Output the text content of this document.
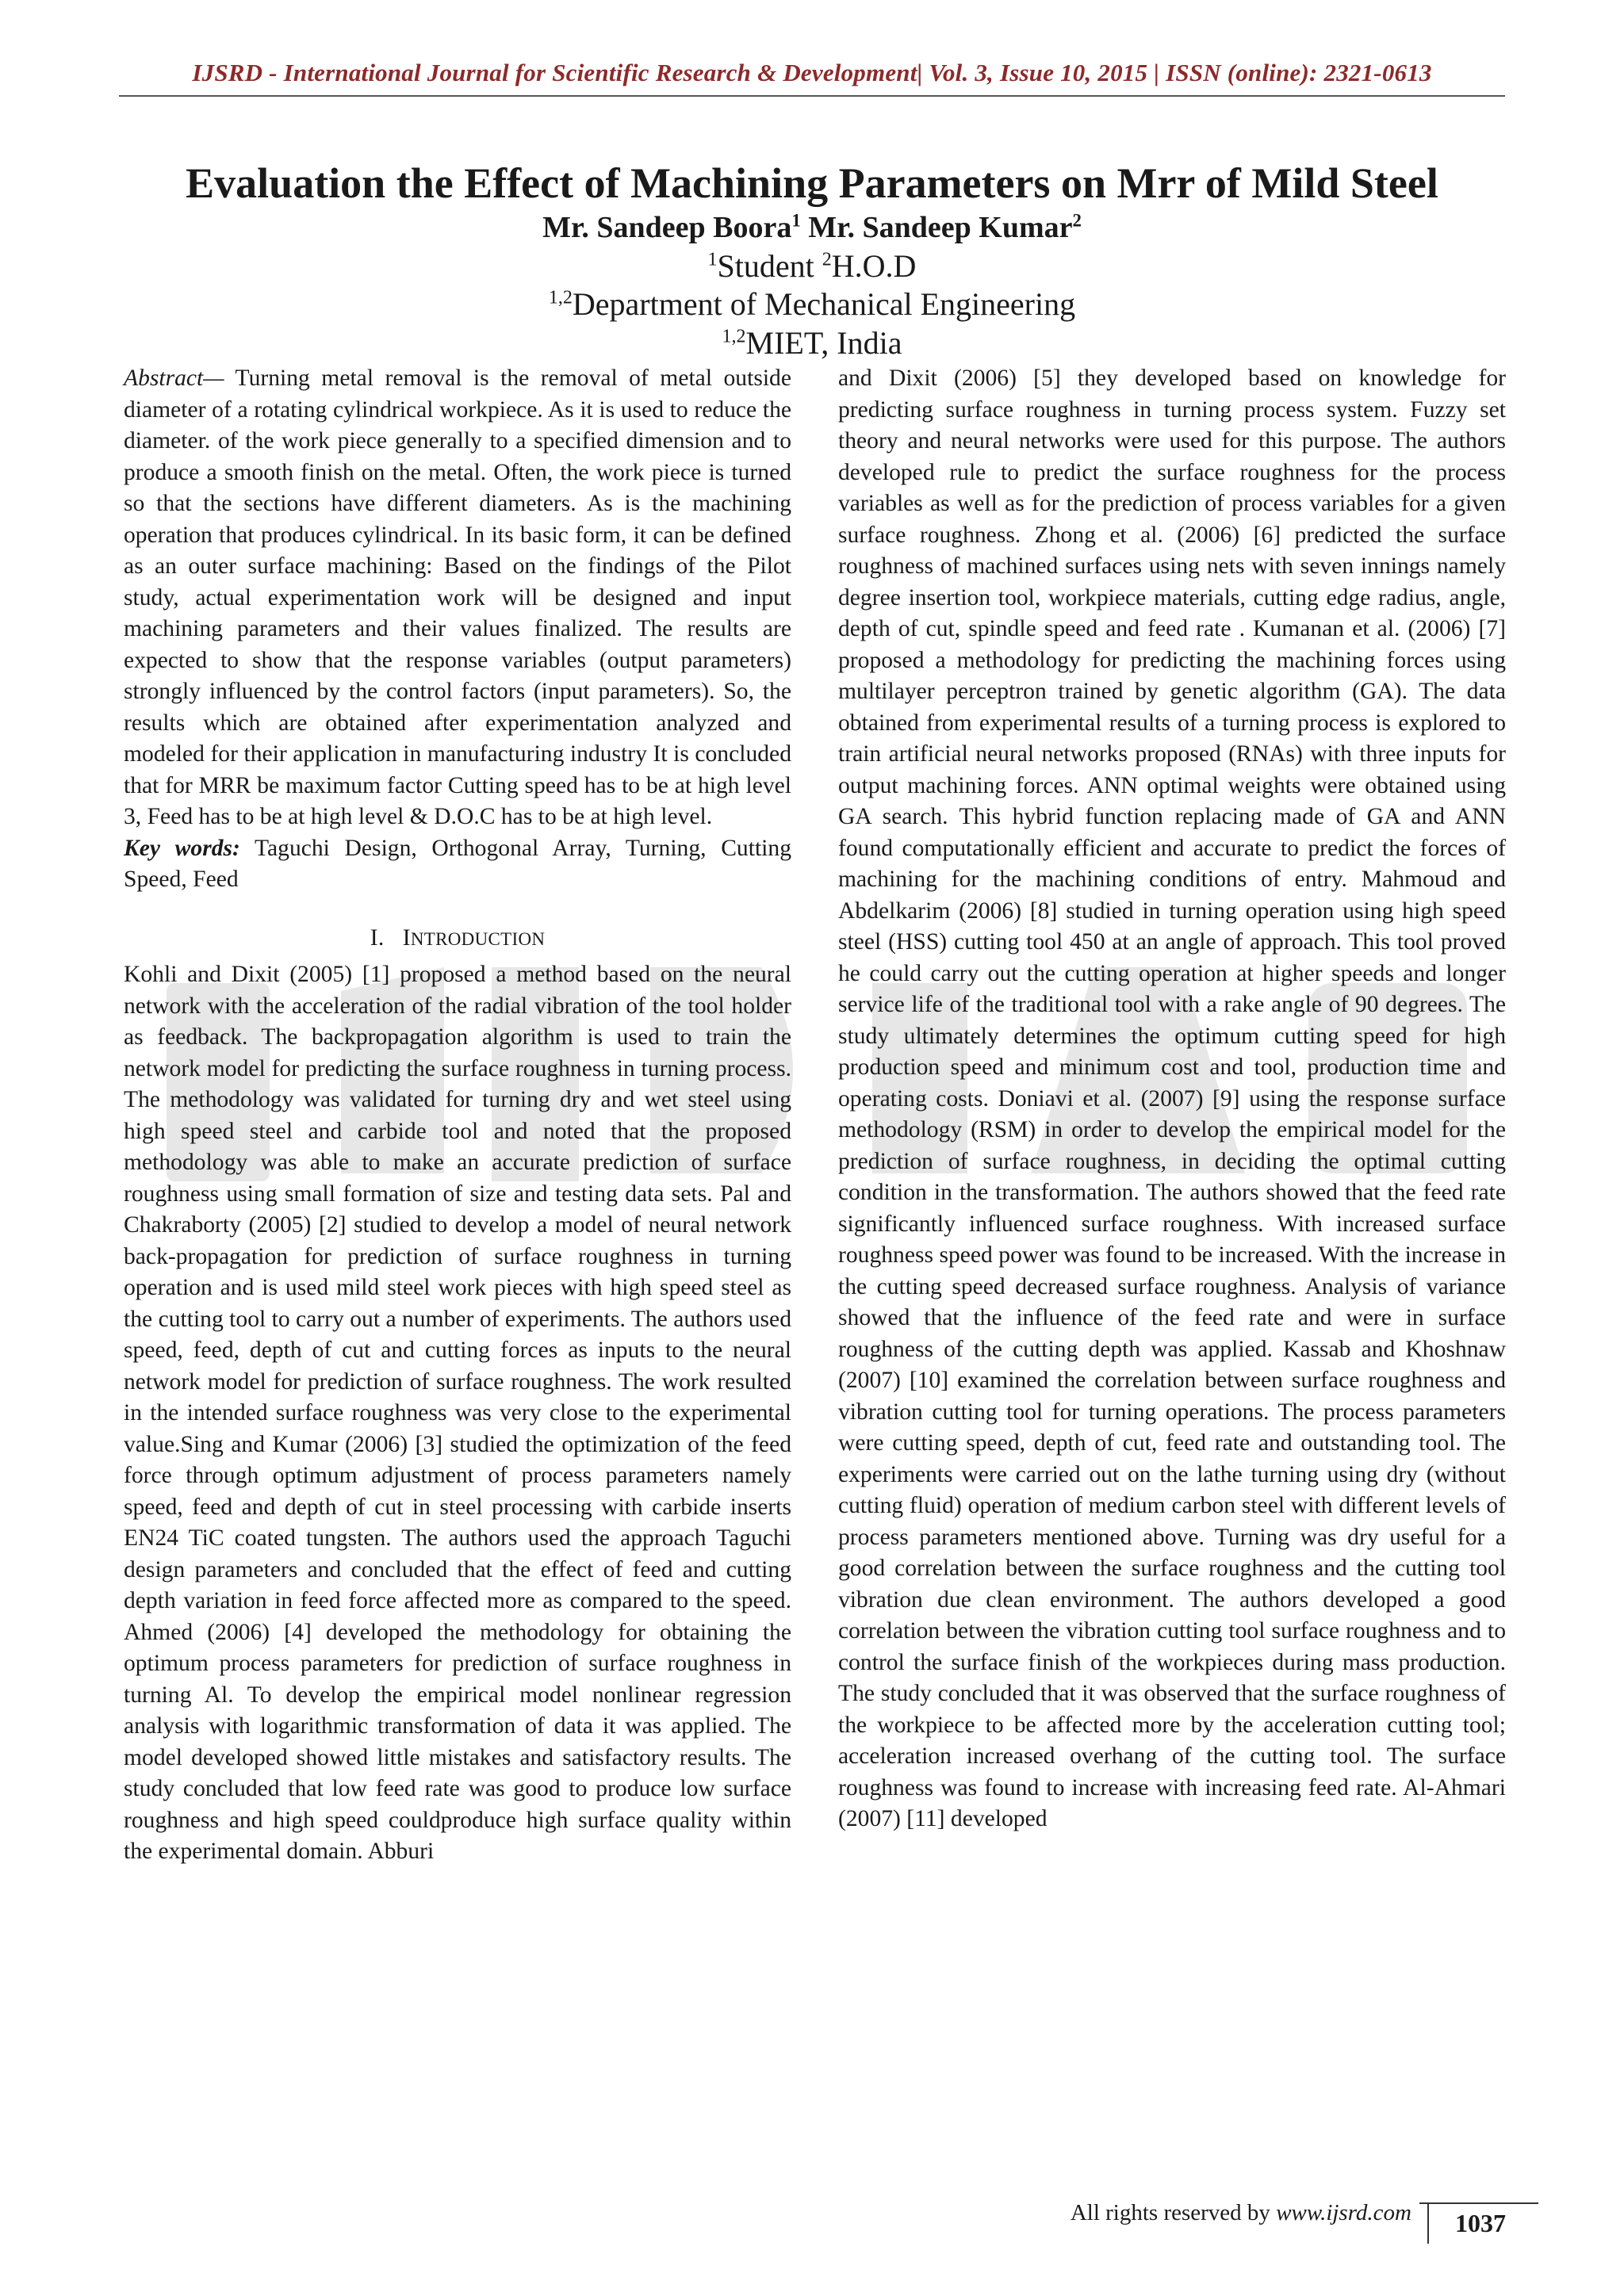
IJSRD - International Journal for Scientific Research & Development| Vol. 3, Issue 10, 2015 | ISSN (online): 2321-0613
Evaluation the Effect of Machining Parameters on Mrr of Mild Steel
Mr. Sandeep Boora$^1$ Mr. Sandeep Kumar$^2$
$^1$Student $^2$H.O.D
$^{1,2}$Department of Mechanical Engineering
$^{1,2}$MIET, India

Abstract— Turning metal removal is the removal of metal outside diameter of a rotating cylindrical workpiece. As it is used to reduce the diameter. of the work piece generally to a specified dimension and to produce a smooth finish on the metal. Often, the work piece is turned so that the sections have different diameters. As is the machining operation that produces cylindrical. In its basic form, it can be defined as an outer surface machining: Based on the findings of the Pilot study, actual experimentation work will be designed and input machining parameters and their values finalized. The results are expected to show that the response variables (output parameters) strongly influenced by the control factors (input parameters). So, the results which are obtained after experimentation analyzed and modeled for their application in manufacturing industry It is concluded that for MRR be maximum factor Cutting speed has to be at high level 3, Feed has to be at high level & D.O.C has to be at high level.

Key words: Taguchi Design, Orthogonal Array, Turning, Cutting Speed, Feed

I. INTRODUCTION

Kohli and Dixit (2005) [1] proposed a method based on the neural network with the acceleration of the radial vibration of the tool holder as feedback. The backpropagation algorithm is used to train the network model for predicting the surface roughness in turning process. The methodology was validated for turning dry and wet steel using high speed steel and carbide tool and noted that the proposed methodology was able to make an accurate prediction of surface roughness using small formation of size and testing data sets. Pal and Chakraborty (2005) [2] studied to develop a model of neural network back-propagation for prediction of surface roughness in turning operation and is used mild steel work pieces with high speed steel as the cutting tool to carry out a number of experiments. The authors used speed, feed, depth of cut and cutting forces as inputs to the neural network model for prediction of surface roughness. The work resulted in the intended surface roughness was very close to the experimental value.Sing and Kumar (2006) [3] studied the optimization of the feed force through optimum adjustment of process parameters namely speed, feed and depth of cut in steel processing with carbide inserts EN24 TiC coated tungsten. The authors used the approach Taguchi design parameters and concluded that the effect of feed and cutting depth variation in feed force affected more as compared to the speed. Ahmed (2006) [4] developed the methodology for obtaining the optimum process parameters for prediction of surface roughness in turning Al. To develop the empirical model nonlinear regression analysis with logarithmic transformation of data it was applied. The model developed showed little mistakes and satisfactory results. The study concluded that low feed rate was good to produce low surface roughness and high speed couldproduce high surface quality within the experimental domain. Abburi

and Dixit (2006) [5] they developed based on knowledge for predicting surface roughness in turning process system. Fuzzy set theory and neural networks were used for this purpose. The authors developed rule to predict the surface roughness for the process variables as well as for the prediction of process variables for a given surface roughness. Zhong et al. (2006) [6] predicted the surface roughness of machined surfaces using nets with seven innings namely degree insertion tool, workpiece materials, cutting edge radius, angle, depth of cut, spindle speed and feed rate . Kumanan et al. (2006) [7] proposed a methodology for predicting the machining forces using multilayer perceptron trained by genetic algorithm (GA). The data obtained from experimental results of a turning process is explored to train artificial neural networks proposed (RNAs) with three inputs for output machining forces. ANN optimal weights were obtained using GA search. This hybrid function replacing made of GA and ANN found computationally efficient and accurate to predict the forces of machining for the machining conditions of entry. Mahmoud and Abdelkarim (2006) [8] studied in turning operation using high speed steel (HSS) cutting tool 450 at an angle of approach. This tool proved he could carry out the cutting operation at higher speeds and longer service life of the traditional tool with a rake angle of 90 degrees. The study ultimately determines the optimum cutting speed for high production speed and minimum cost and tool, production time and operating costs. Doniavi et al. (2007) [9] using the response surface methodology (RSM) in order to develop the empirical model for the prediction of surface roughness, in deciding the optimal cutting condition in the transformation. The authors showed that the feed rate significantly influenced surface roughness. With increased surface roughness speed power was found to be increased. With the increase in the cutting speed decreased surface roughness. Analysis of variance showed that the influence of the feed rate and were in surface roughness of the cutting depth was applied. Kassab and Khoshnaw (2007) [10] examined the correlation between surface roughness and vibration cutting tool for turning operations. The process parameters were cutting speed, depth of cut, feed rate and outstanding tool. The experiments were carried out on the lathe turning using dry (without cutting fluid) operation of medium carbon steel with different levels of process parameters mentioned above. Turning was dry useful for a good correlation between the surface roughness and the cutting tool vibration due clean environment. The authors developed a good correlation between the vibration cutting tool surface roughness and to control the surface finish of the workpieces during mass production. The study concluded that it was observed that the surface roughness of the workpiece to be affected more by the acceleration cutting tool; acceleration increased overhang of the cutting tool. The surface roughness was found to increase with increasing feed rate. Al-Ahmari (2007) [11] developed

All rights reserved by www.ijsrd.com	1037
